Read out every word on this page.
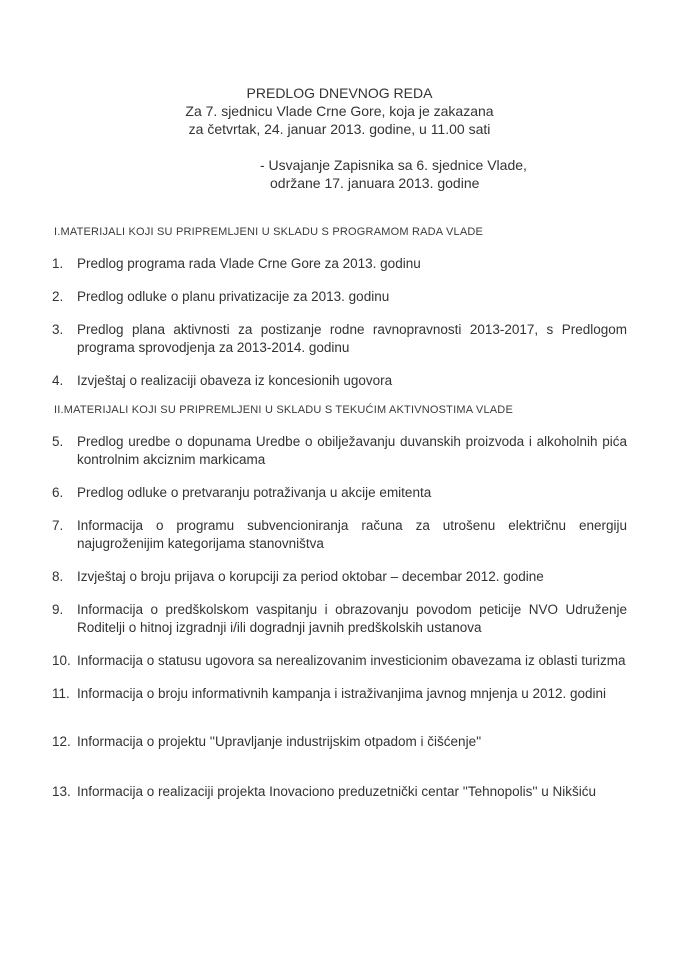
PREDLOG DNEVNOG REDA
Za 7. sjednicu Vlade Crne Gore, koja je zakazana
za četvrtak, 24. januar 2013. godine, u 11.00 sati
- Usvajanje Zapisnika sa 6. sjednice Vlade,
održane 17. januara 2013. godine
I.MATERIJALI KOJI SU PRIPREMLJENI U SKLADU S PROGRAMOM RADA VLADE
1.	Predlog programa rada Vlade Crne Gore za 2013. godinu
2.	Predlog odluke o planu privatizacije za 2013. godinu
3.	Predlog plana aktivnosti za postizanje rodne ravnopravnosti 2013-2017, s Predlogom programa sprovodjenja za 2013-2014. godinu
4.	Izvještaj o realizaciji obaveza iz koncesionih ugovora
II.MATERIJALI KOJI SU PRIPREMLJENI U SKLADU S TEKUĆIM AKTIVNOSTIMA VLADE
5.	Predlog uredbe o dopunama Uredbe o obilježavanju duvanskih proizvoda i alkoholnih pića kontrolnim akciznim markicama
6.	Predlog odluke o pretvaranju potraživanja u akcije emitenta
7.	Informacija o programu subvencioniranja računa za utrošenu električnu energiju najugroženijim kategorijama stanovništva
8.	Izvještaj o broju prijava o korupciji za period oktobar – decembar 2012. godine
9.	Informacija o predškolskom vaspitanju i obrazovanju povodom peticije NVO Udruženje Roditelji o hitnoj izgradnji i/ili dogradnji javnih predškolskih ustanova
10. Informacija o statusu ugovora sa nerealizovanim investicionim obavezama iz oblasti turizma
11. Informacija o broju informativnih kampanja i istraživanjima javnog mnjenja u 2012. godini
12. Informacija o projektu ''Upravljanje industrijskim otpadom i čišćenje''
13. Informacija o realizaciji projekta Inovaciono preduzetnički centar ''Tehnopolis'' u Nikšiću
